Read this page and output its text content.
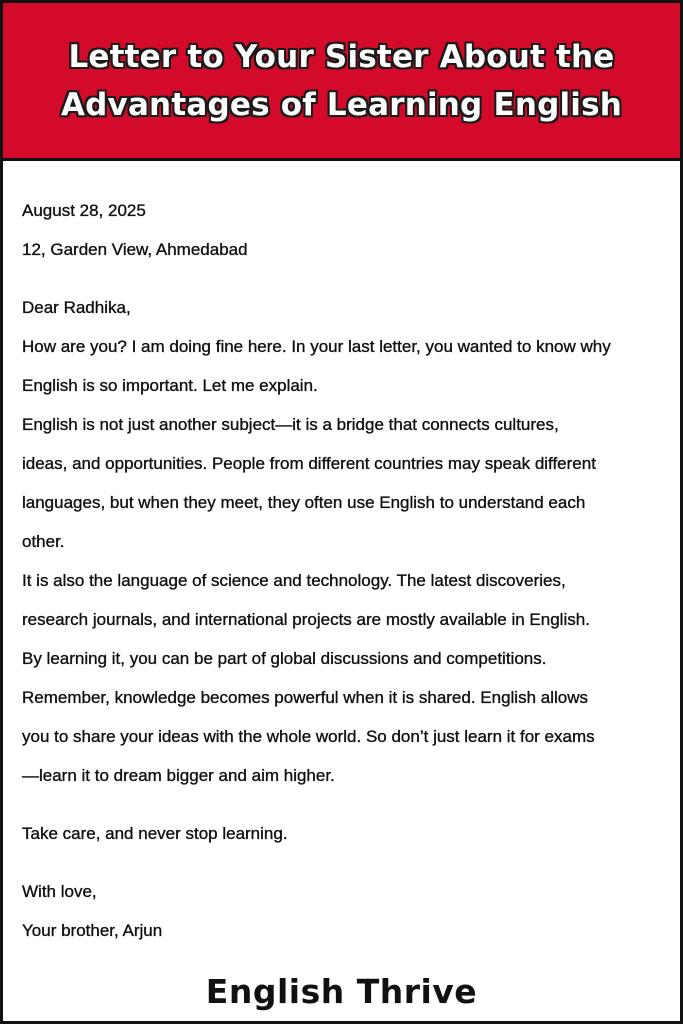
Letter to Your Sister About the
Advantages of Learning English
August 28, 2025
12, Garden View, Ahmedabad
Dear Radhika,
How are you? I am doing fine here. In your last letter, you wanted to know why
English is so important. Let me explain.
English is not just another subject—it is a bridge that connects cultures,
ideas, and opportunities. People from different countries may speak different
languages, but when they meet, they often use English to understand each
other.
It is also the language of science and technology. The latest discoveries,
research journals, and international projects are mostly available in English.
By learning it, you can be part of global discussions and competitions.
Remember, knowledge becomes powerful when it is shared. English allows
you to share your ideas with the whole world. So don’t just learn it for exams
—learn it to dream bigger and aim higher.
Take care, and never stop learning.
With love,
Your brother, Arjun
English Thrive
